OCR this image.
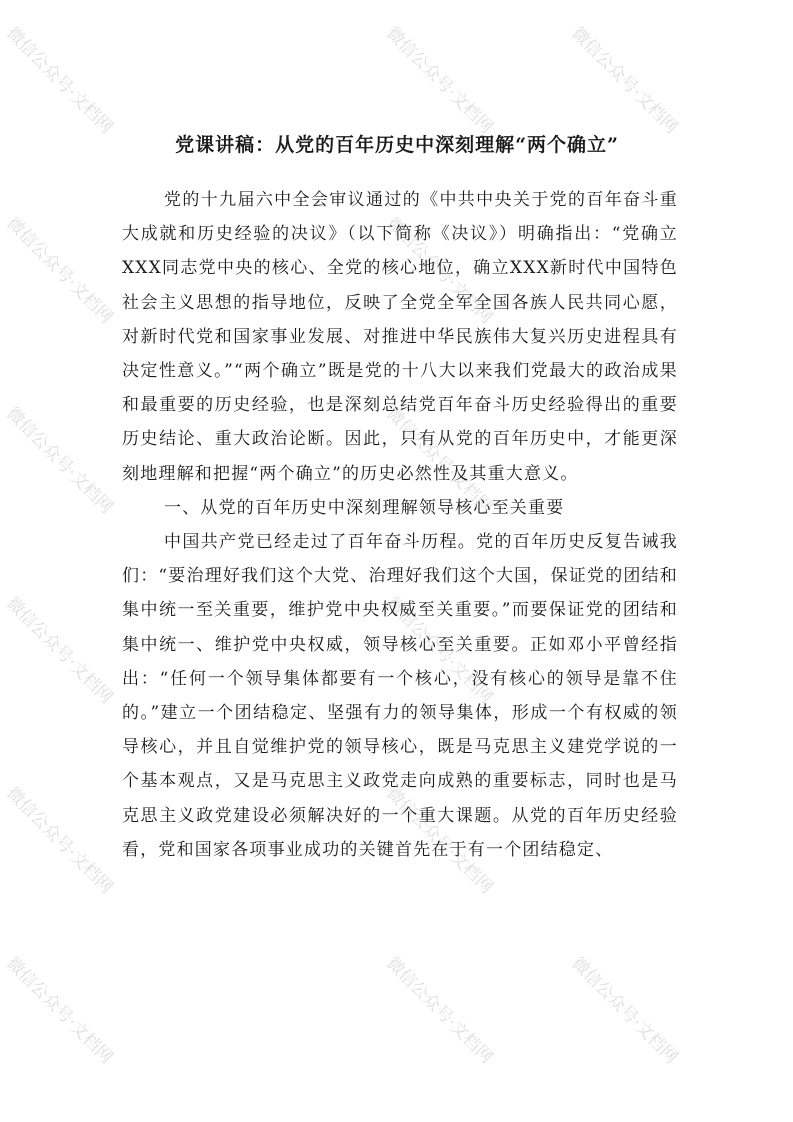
微信公众号·文档网	微信公众号·文档网	微信公众号·文档网
微信公众号·文档网	微信公众号·文档网
微信公众号·文档网	微信公众号·文档网
微信公众号·文档网	微信公众号·文档网
微信公众号·文档网	微信公众号·文档网
微信公众号·文档网	微信公众号·文档网	微信公众号·文档网
党课讲稿：从党的百年历史中深刻理解“两个确立”

党的十九届六中全会审议通过的《中共中央关于党的百年奋斗重大成就和历史经验的决议》（以下简称《决议》）明确指出：“党确立XXX同志党中央的核心、全党的核心地位，确立XXX新时代中国特色社会主义思想的指导地位，反映了全党全军全国各族人民共同心愿，对新时代党和国家事业发展、对推进中华民族伟大复兴历史进程具有决定性意义。”“两个确立”既是党的十八大以来我们党最大的政治成果和最重要的历史经验，也是深刻总结党百年奋斗历史经验得出的重要历史结论、重大政治论断。因此，只有从党的百年历史中，才能更深刻地理解和把握“两个确立”的历史必然性及其重大意义。

一、从党的百年历史中深刻理解领导核心至关重要

中国共产党已经走过了百年奋斗历程。党的百年历史反复告诫我们：“要治理好我们这个大党、治理好我们这个大国，保证党的团结和集中统一至关重要，维护党中央权威至关重要。”而要保证党的团结和集中统一、维护党中央权威，领导核心至关重要。正如邓小平曾经指出：“任何一个领导集体都要有一个核心，没有核心的领导是靠不住的。”建立一个团结稳定、坚强有力的领导集体，形成一个有权威的领导核心，并且自觉维护党的领导核心，既是马克思主义建党学说的一个基本观点，又是马克思主义政党走向成熟的重要标志，同时也是马克思主义政党建设必须解决好的一个重大课题。从党的百年历史经验看，党和国家各项事业成功的关键首先在于有一个团结稳定、
